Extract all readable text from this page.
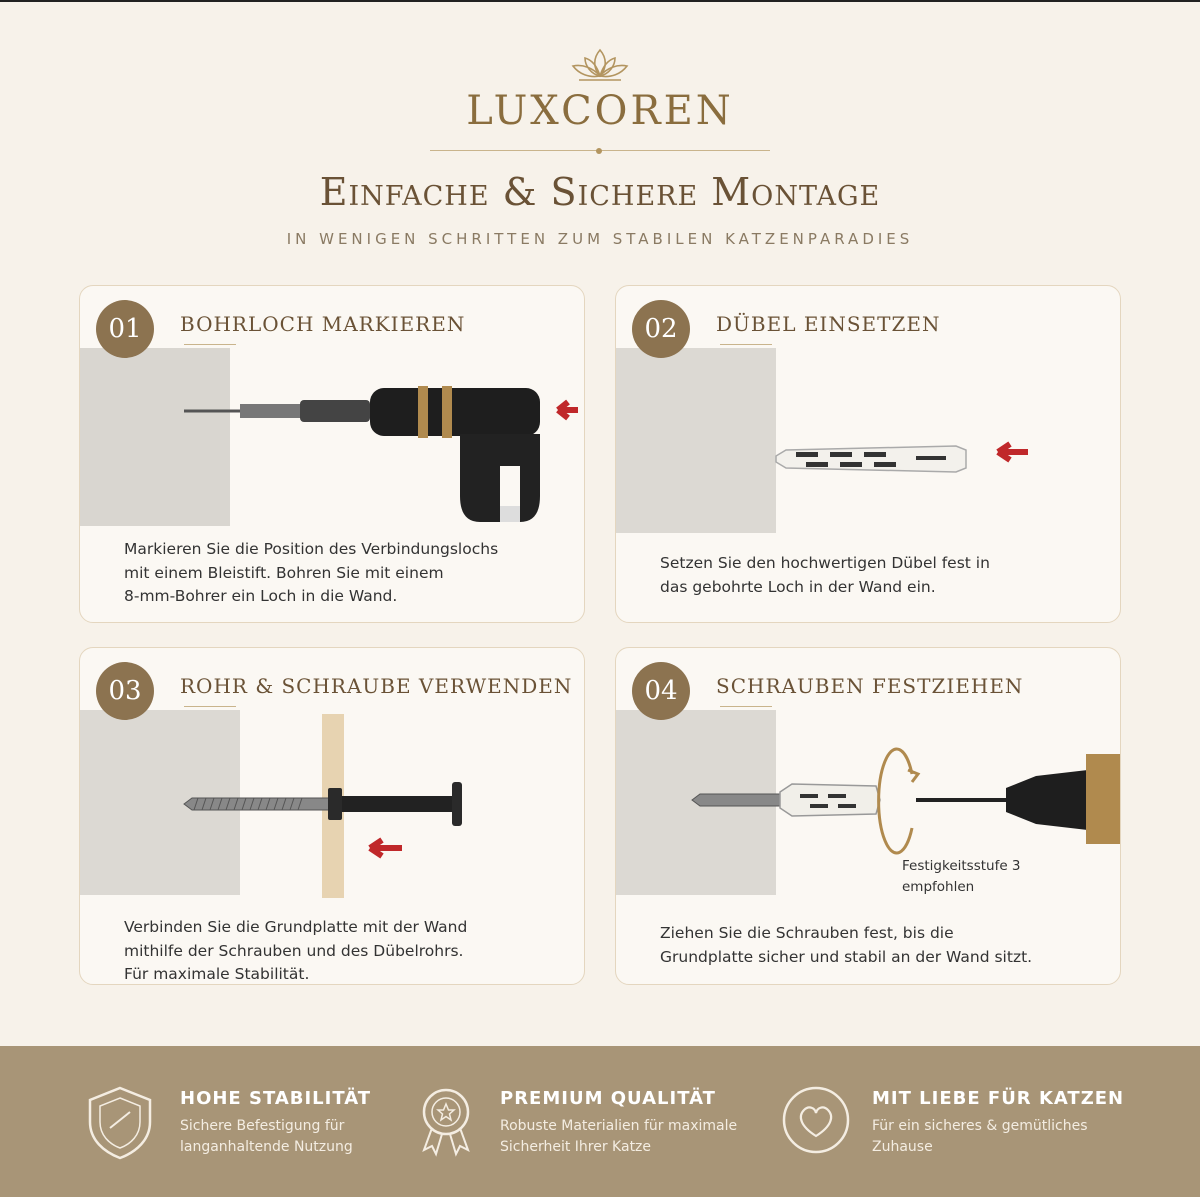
LUXCOREN
Einfache & Sichere Montage
IN WENIGEN SCHRITTEN ZUM STABILEN KATZENPARADIES
01	BOHRLOCH MARKIEREN
Markieren Sie die Position des Verbindungslochs
mit einem Bleistift. Bohren Sie mit einem
8-mm-Bohrer ein Loch in die Wand.
02	DÜBEL EINSETZEN
Setzen Sie den hochwertigen Dübel fest in
das gebohrte Loch in der Wand ein.
03	ROHR & SCHRAUBE VERWENDEN
Verbinden Sie die Grundplatte mit der Wand
mithilfe der Schrauben und des Dübelrohrs.
Für maximale Stabilität.
04	SCHRAUBEN FESTZIEHEN
Festigkeitsstufe 3
empfohlen
Ziehen Sie die Schrauben fest, bis die
Grundplatte sicher und stabil an der Wand sitzt.
HOHE STABILITÄT
Sichere Befestigung für
langanhaltende Nutzung
PREMIUM QUALITÄT
Robuste Materialien für maximale
Sicherheit Ihrer Katze
MIT LIEBE FÜR KATZEN
Für ein sicheres & gemütliches
Zuhause
